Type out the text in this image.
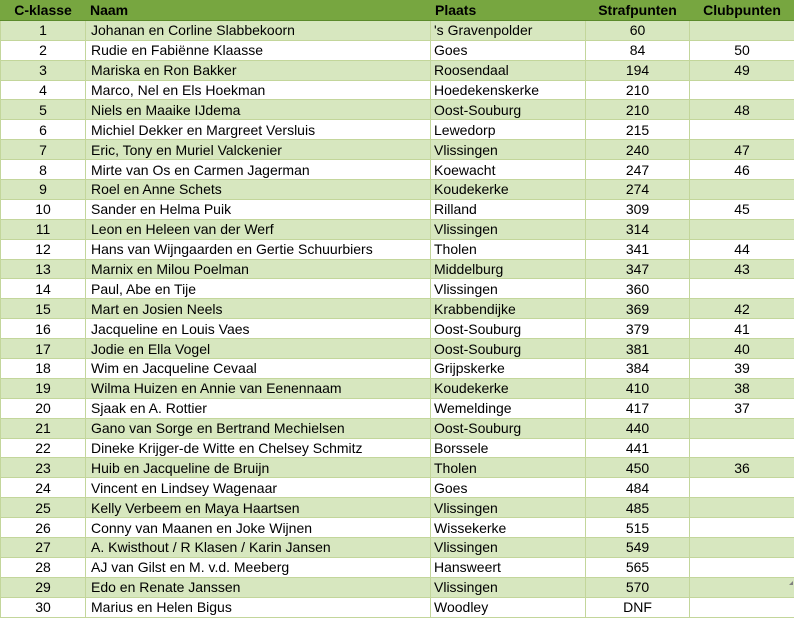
C-klasse	Naam	Plaats	Strafpunten	Clubpunten
1	Johanan en Corline Slabbekoorn	's Gravenpolder	60	
2	Rudie en Fabiënne Klaasse	Goes	84	50
3	Mariska en Ron Bakker	Roosendaal	194	49
4	Marco, Nel en Els Hoekman	Hoedekenskerke	210	
5	Niels en Maaike IJdema	Oost-Souburg	210	48
6	Michiel Dekker en Margreet Versluis	Lewedorp	215	
7	Eric, Tony en Muriel Valckenier	Vlissingen	240	47
8	Mirte van Os en Carmen Jagerman	Koewacht	247	46
9	Roel en Anne Schets	Koudekerke	274	
10	Sander en Helma Puik	Rilland	309	45
11	Leon en Heleen van der Werf	Vlissingen	314	
12	Hans van Wijngaarden en Gertie Schuurbiers	Tholen	341	44
13	Marnix en Milou Poelman	Middelburg	347	43
14	Paul, Abe en Tije	Vlissingen	360	
15	Mart en Josien Neels	Krabbendijke	369	42
16	Jacqueline en Louis Vaes	Oost-Souburg	379	41
17	Jodie en Ella Vogel	Oost-Souburg	381	40
18	Wim en Jacqueline Cevaal	Grijpskerke	384	39
19	Wilma Huizen en Annie van Eenennaam	Koudekerke	410	38
20	Sjaak en A. Rottier	Wemeldinge	417	37
21	Gano van Sorge en Bertrand Mechielsen	Oost-Souburg	440	
22	Dineke Krijger-de Witte en Chelsey Schmitz	Borssele	441	
23	Huib en Jacqueline de Bruijn	Tholen	450	36
24	Vincent en Lindsey Wagenaar	Goes	484	
25	Kelly Verbeem en Maya Haartsen	Vlissingen	485	
26	Conny van Maanen en Joke Wijnen	Wissekerke	515	
27	A. Kwisthout / R Klasen / Karin Jansen	Vlissingen	549	
28	AJ van Gilst en M. v.d. Meeberg	Hansweert	565	
29	Edo en Renate Janssen	Vlissingen	570	
30	Marius en Helen Bigus	Woodley	DNF	
